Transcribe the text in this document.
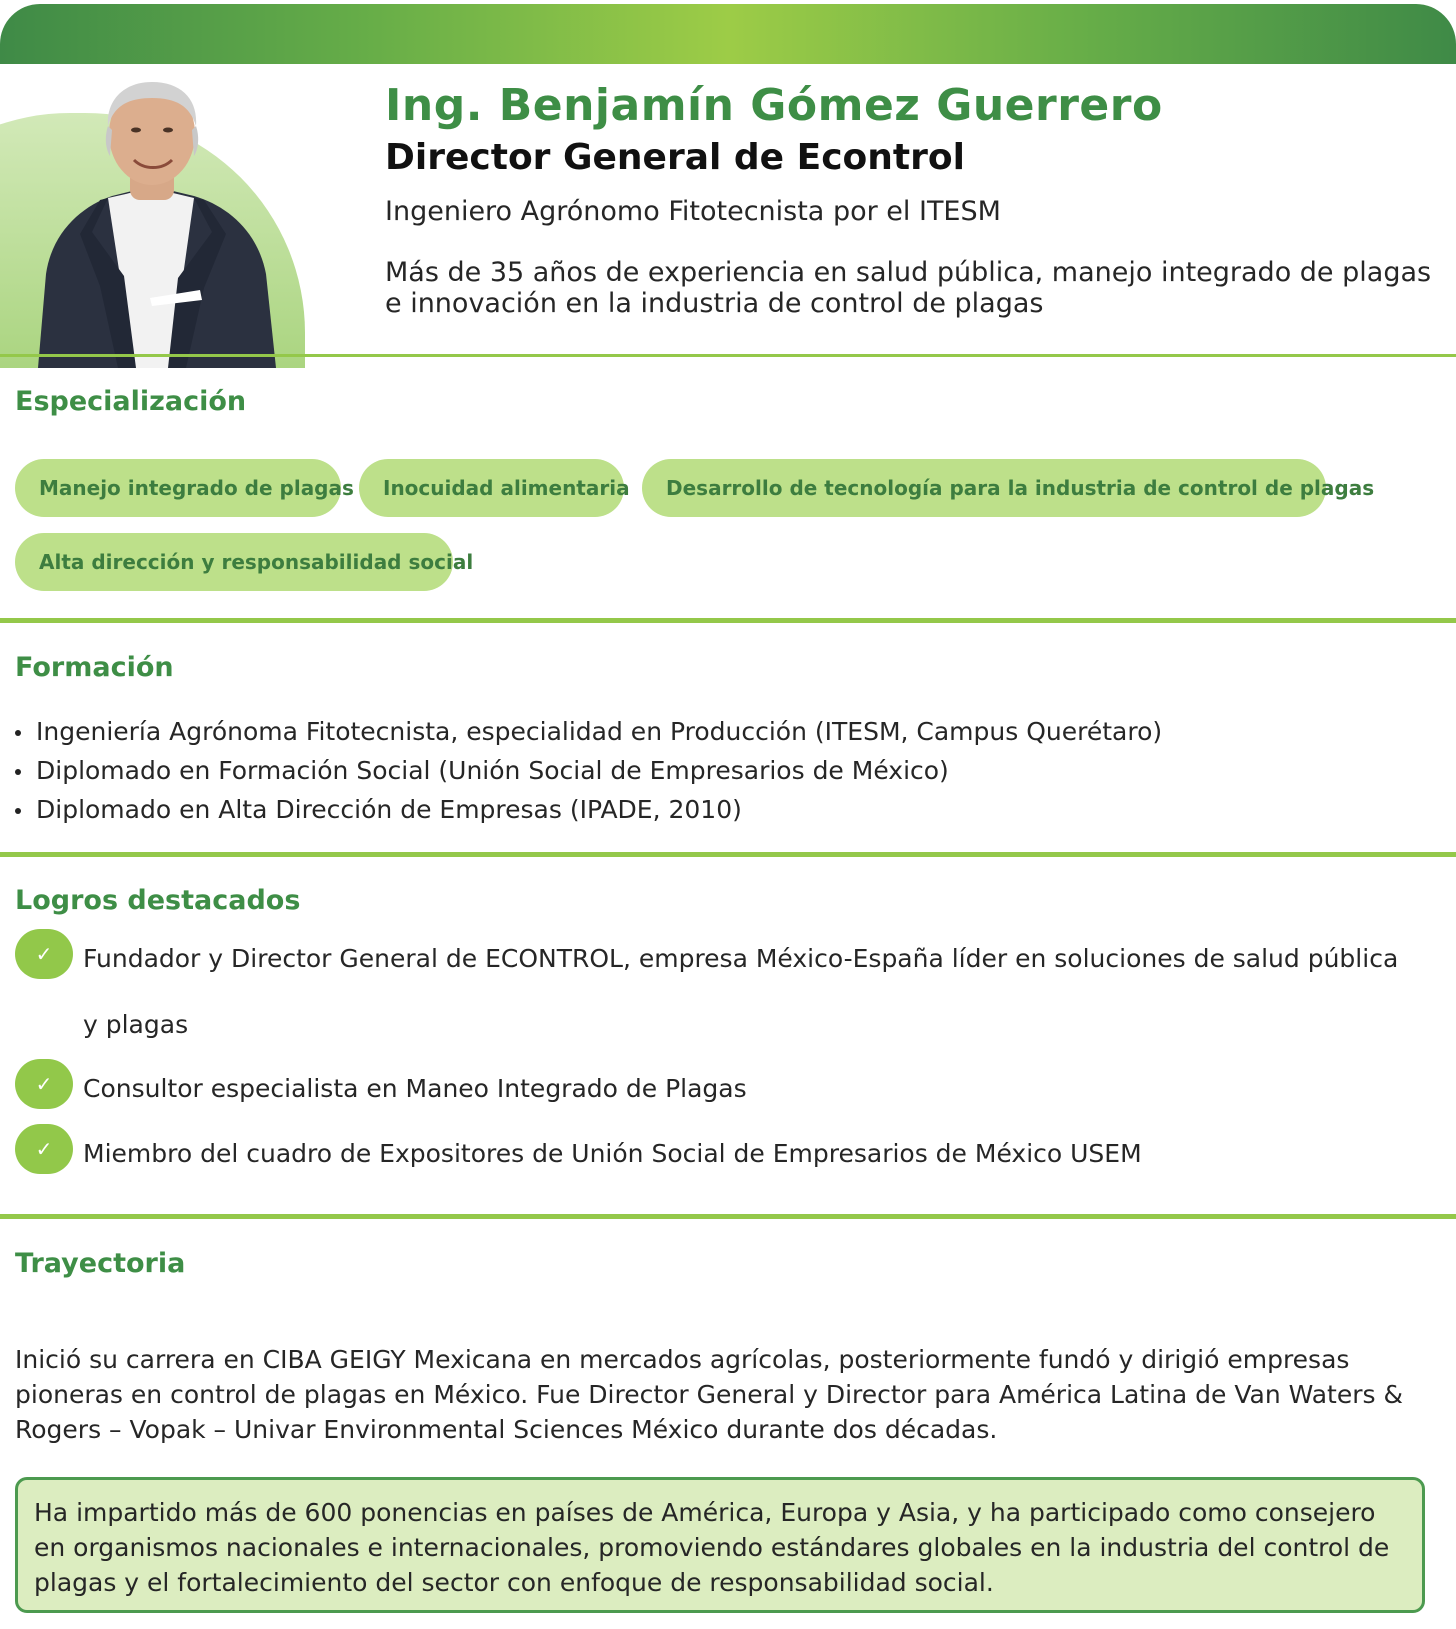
Ing. Benjamín Gómez Guerrero
Director General de Econtrol

Ingeniero Agrónomo Fitotecnista por el ITESM

Más de 35 años de experiencia en salud pública, manejo integrado de plagas e innovación en la industria de control de plagas

Especialización
Manejo integrado de plagas	Inocuidad alimentaria	Desarrollo de tecnología para la industria de control de plagas
Alta dirección y responsabilidad social
Formación
Ingeniería Agrónoma Fitotecnista, especialidad en Producción (ITESM, Campus Querétaro)
Diplomado en Formación Social (Unión Social de Empresarios de México)
Diplomado en Alta Dirección de Empresas (IPADE, 2010)
Logros destacados
✓	Fundador y Director General de ECONTROL, empresa México-España líder en soluciones de salud pública

y plagas

✓	Consultor especialista en Maneo Integrado de Plagas

✓	Miembro del cuadro de Expositores de Unión Social de Empresarios de México USEM

Trayectoria

Inició su carrera en CIBA GEIGY Mexicana en mercados agrícolas, posteriormente fundó y dirigió empresas pioneras en control de plagas en México. Fue Director General y Director para América Latina de Van Waters & Rogers – Vopak – Univar Environmental Sciences México durante dos décadas.

Ha impartido más de 600 ponencias en países de América, Europa y Asia, y ha participado como consejero en organismos nacionales e internacionales, promoviendo estándares globales en la industria del control de plagas y el fortalecimiento del sector con enfoque de responsabilidad social.
